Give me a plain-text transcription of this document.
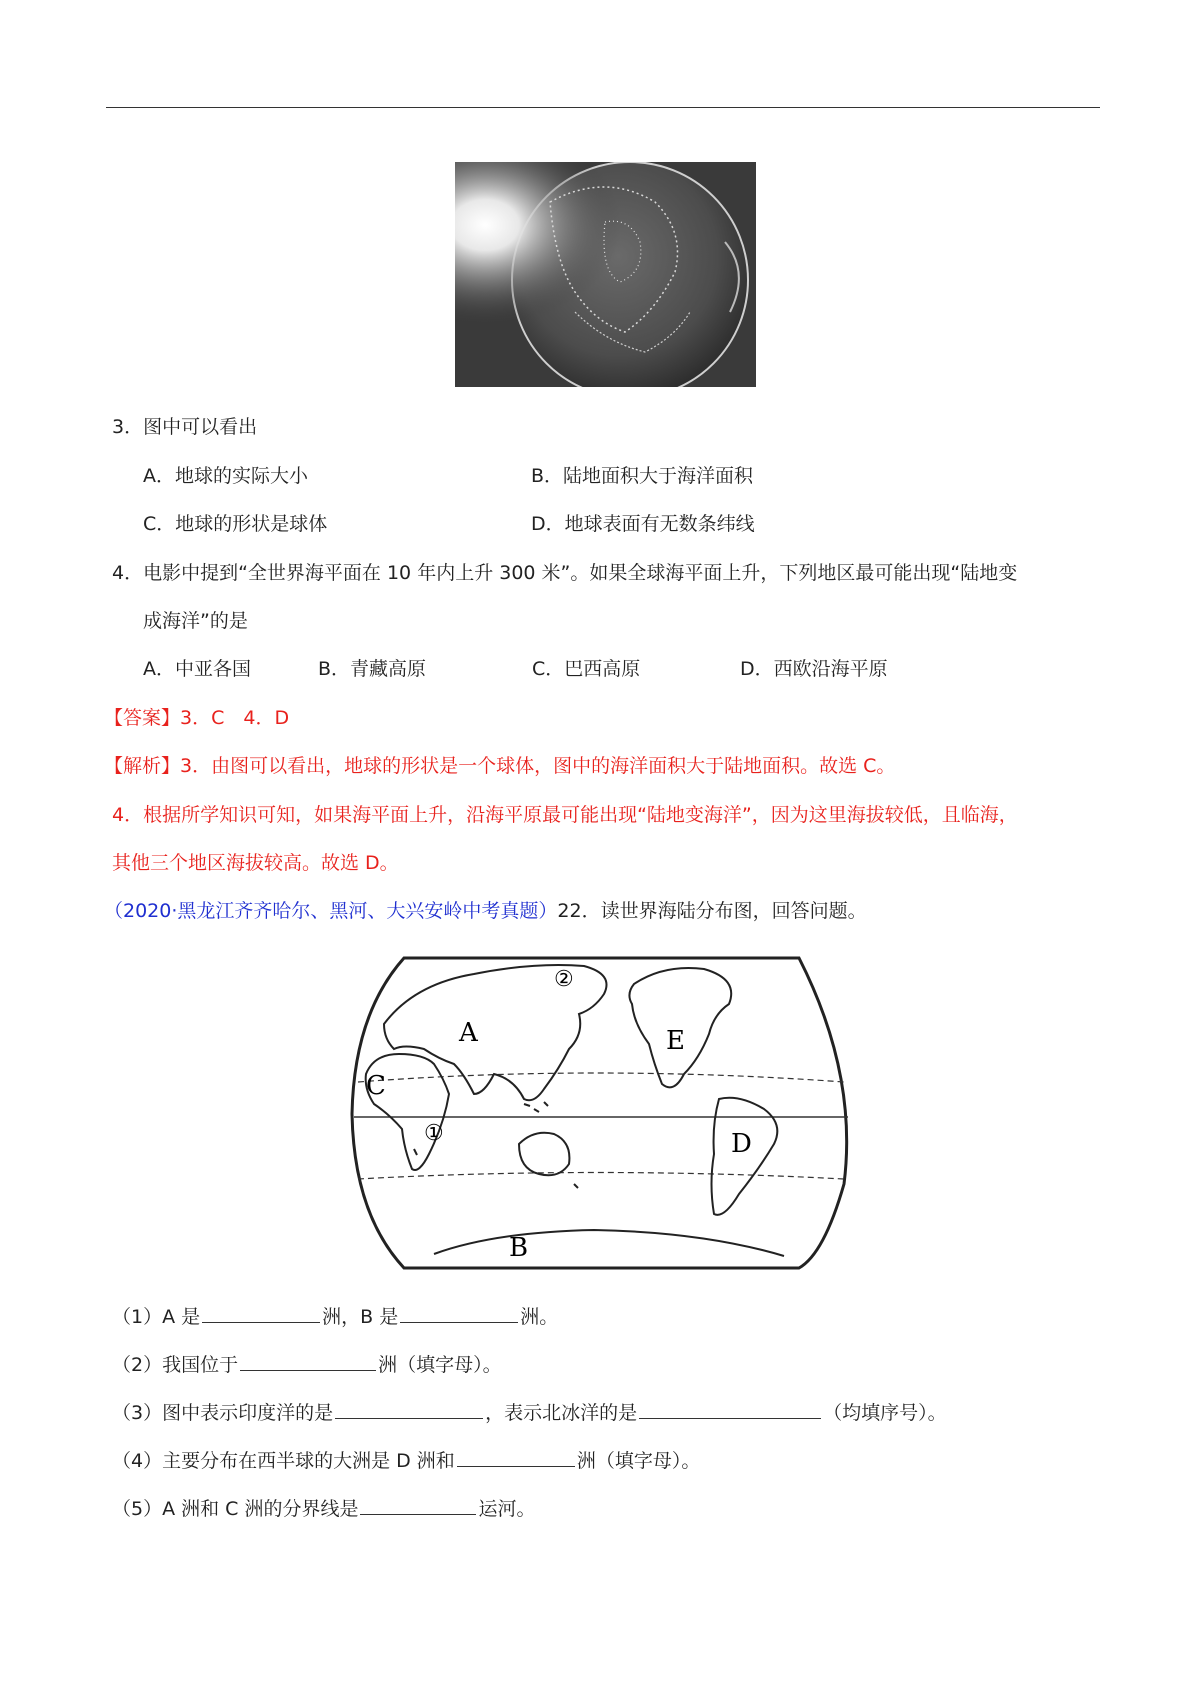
3．图中可以看出
A．地球的实际大小	B．陆地面积大于海洋面积
C．地球的形状是球体	D．地球表面有无数条纬线
4．电影中提到“全世界海平面在 10 年内上升 300 米”。如果全球海平面上升，下列地区最可能出现“陆地变
成海洋”的是
A．中亚各国	B．青藏高原	C．巴西高原	D．西欧沿海平原
【答案】3．C　4．D
【解析】3．由图可以看出，地球的形状是一个球体，图中的海洋面积大于陆地面积。故选 C。
4．根据所学知识可知，如果海平面上升，沿海平原最可能出现“陆地变海洋”，因为这里海拔较低，且临海，
其他三个地区海拔较高。故选 D。
（2020·黑龙江齐齐哈尔、黑河、大兴安岭中考真题）22．读世界海陆分布图，回答问题。
A
B
C
D
E
①
②
（1）A 是	洲，B 是	洲。
（2）我国位于	洲（填字母）。
（3）图中表示印度洋的是	，表示北冰洋的是	（均填序号）。
（4）主要分布在西半球的大洲是 D 洲和	洲（填字母）。
（5）A 洲和 C 洲的分界线是	运河。
